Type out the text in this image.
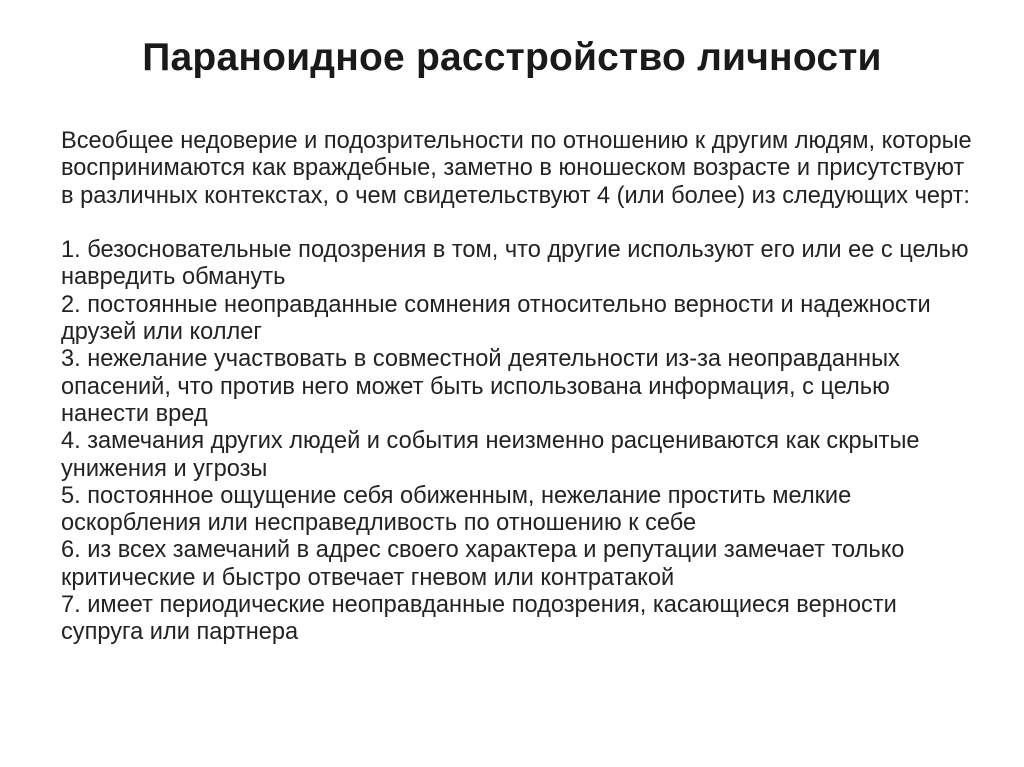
Параноидное расстройство личности

Всеобщее недоверие и подозрительности по отношению к другим людям, которые воспринимаются как враждебные, заметно в юношеском возрасте и присутствуют в различных контекстах, о чем свидетельствуют 4 (или более) из следующих черт:

1. безосновательные подозрения в том, что другие используют его или ее с целью навредить обмануть

2. постоянные неоправданные сомнения относительно верности и надежности друзей или коллег

3. нежелание участвовать в совместной деятельности из-за неоправданных опасений, что против него может быть использована информация, с целью нанести вред

4. замечания других людей и события неизменно расцениваются как скрытые унижения и угрозы

5. постоянное ощущение себя обиженным, нежелание простить мелкие оскорбления или несправедливость по отношению к себе

6. из всех замечаний в адрес своего характера и репутации замечает только критические и быстро отвечает гневом или контратакой

7. имеет периодические неоправданные подозрения, касающиеся верности супруга или партнера
